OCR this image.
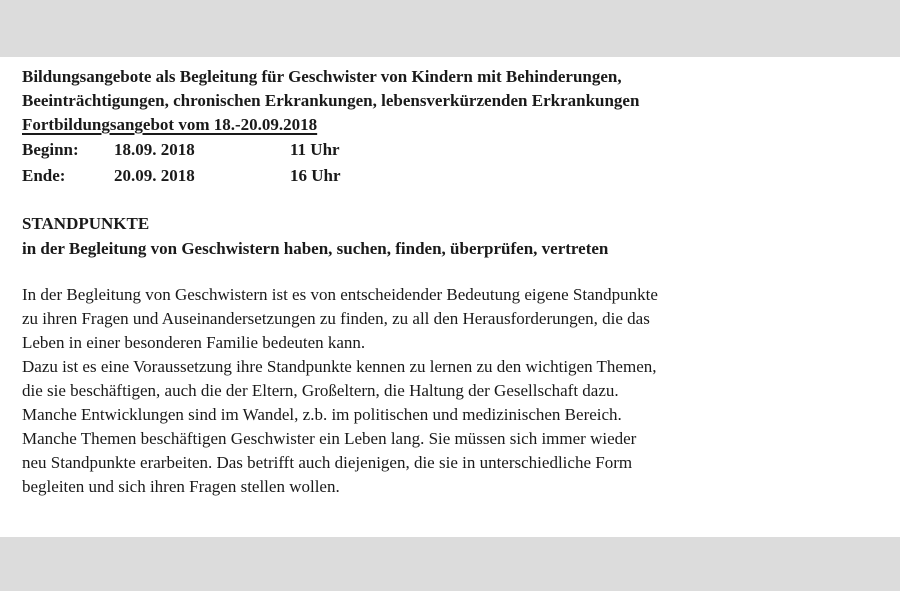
Bildungsangebote als Begleitung für Geschwister von Kindern mit Behinderungen,
Beeinträchtigungen, chronischen Erkrankungen, lebensverkürzenden Erkrankungen
Fortbildungsangebot vom 18.-20.09.2018
Beginn:	18.09. 2018	11 Uhr
Ende:	20.09. 2018	16 Uhr
STANDPUNKTE
in der Begleitung von Geschwistern haben, suchen, finden, überprüfen, vertreten
In der Begleitung von Geschwistern ist es von entscheidender Bedeutung eigene Standpunkte
zu ihren Fragen und Auseinandersetzungen zu finden, zu all den Herausforderungen, die das
Leben in einer besonderen Familie bedeuten kann.
Dazu ist es eine Voraussetzung ihre Standpunkte kennen zu lernen zu den wichtigen Themen,
die sie beschäftigen, auch die der Eltern, Großeltern, die Haltung der Gesellschaft dazu.
Manche Entwicklungen sind im Wandel, z.b. im politischen und medizinischen Bereich.
Manche Themen beschäftigen Geschwister ein Leben lang. Sie müssen sich immer wieder
neu Standpunkte erarbeiten. Das betrifft auch diejenigen, die sie in unterschiedliche Form
begleiten und sich ihren Fragen stellen wollen.
